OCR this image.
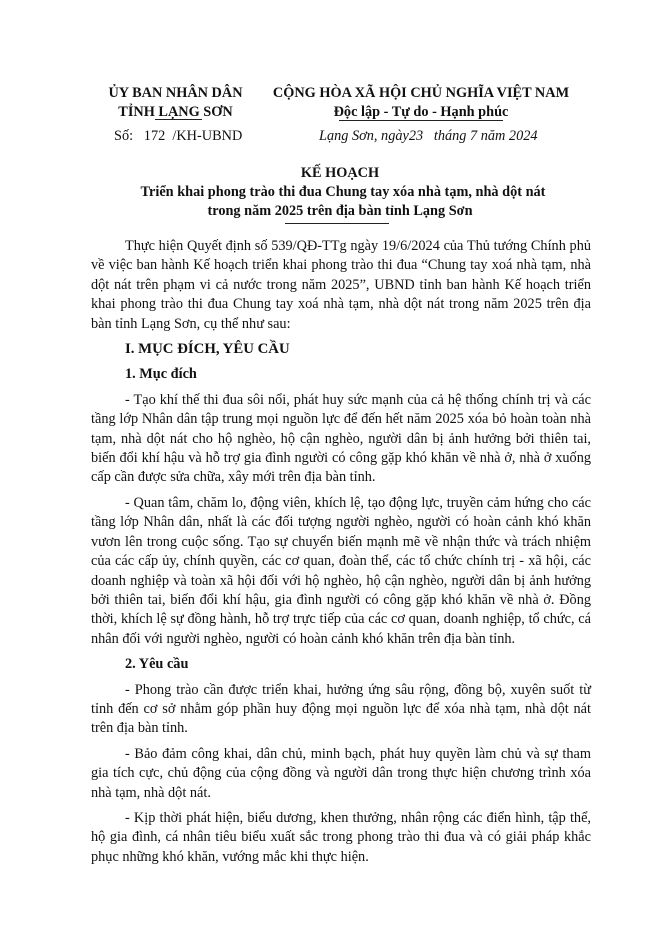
ỦY BAN NHÂN DÂN
TỈNH LẠNG SƠN
CỘNG HÒA XÃ HỘI CHỦ NGHĨA VIỆT NAM
Độc lập - Tự do - Hạnh phúc
Số:   172  /KH-UBND	Lạng Sơn, ngày23   tháng 7 năm 2024
KẾ HOẠCH
Triển khai phong trào thi đua Chung tay xóa nhà tạm, nhà dột nát
trong năm 2025 trên địa bàn tỉnh Lạng Sơn

Thực hiện Quyết định số 539/QĐ-TTg ngày 19/6/2024 của Thủ tướng Chính phủ về việc ban hành Kế hoạch triển khai phong trào thi đua “Chung tay xoá nhà tạm, nhà dột nát trên phạm vi cả nước trong năm 2025”, UBND tỉnh ban hành Kế hoạch triển khai phong trào thi đua Chung tay xoá nhà tạm, nhà dột nát trong năm 2025 trên địa bàn tỉnh Lạng Sơn, cụ thể như sau:

I. MỤC ĐÍCH, YÊU CẦU
1. Mục đích

- Tạo khí thế thi đua sôi nổi, phát huy sức mạnh của cả hệ thống chính trị và các tầng lớp Nhân dân tập trung mọi nguồn lực để đến hết năm 2025 xóa bỏ hoàn toàn nhà tạm, nhà dột nát cho hộ nghèo, hộ cận nghèo, người dân bị ảnh hưởng bởi thiên tai, biến đổi khí hậu và hỗ trợ gia đình người có công gặp khó khăn về nhà ở, nhà ở xuống cấp cần được sửa chữa, xây mới trên địa bàn tỉnh.

- Quan tâm, chăm lo, động viên, khích lệ, tạo động lực, truyền cảm hứng cho các tầng lớp Nhân dân, nhất là các đối tượng người nghèo, người có hoàn cảnh khó khăn vươn lên trong cuộc sống. Tạo sự chuyển biến mạnh mẽ về nhận thức và trách nhiệm của các cấp ủy, chính quyền, các cơ quan, đoàn thể, các tổ chức chính trị - xã hội, các doanh nghiệp và toàn xã hội đối với hộ nghèo, hộ cận nghèo, người dân bị ảnh hưởng bởi thiên tai, biến đổi khí hậu, gia đình người có công gặp khó khăn về nhà ở. Đồng thời, khích lệ sự đồng hành, hỗ trợ trực tiếp của các cơ quan, doanh nghiệp, tổ chức, cá nhân đối với người nghèo, người có hoàn cảnh khó khăn trên địa bàn tỉnh.

2. Yêu cầu

- Phong trào cần được triển khai, hưởng ứng sâu rộng, đồng bộ, xuyên suốt từ tỉnh đến cơ sở nhằm góp phần huy động mọi nguồn lực để xóa nhà tạm, nhà dột nát trên địa bàn tỉnh.

- Bảo đảm công khai, dân chủ, minh bạch, phát huy quyền làm chủ và sự tham gia tích cực, chủ động của cộng đồng và người dân trong thực hiện chương trình xóa nhà tạm, nhà dột nát.

- Kịp thời phát hiện, biểu dương, khen thưởng, nhân rộng các điển hình, tập thể, hộ gia đình, cá nhân tiêu biểu xuất sắc trong phong trào thi đua và có giải pháp khắc phục những khó khăn, vướng mắc khi thực hiện.
